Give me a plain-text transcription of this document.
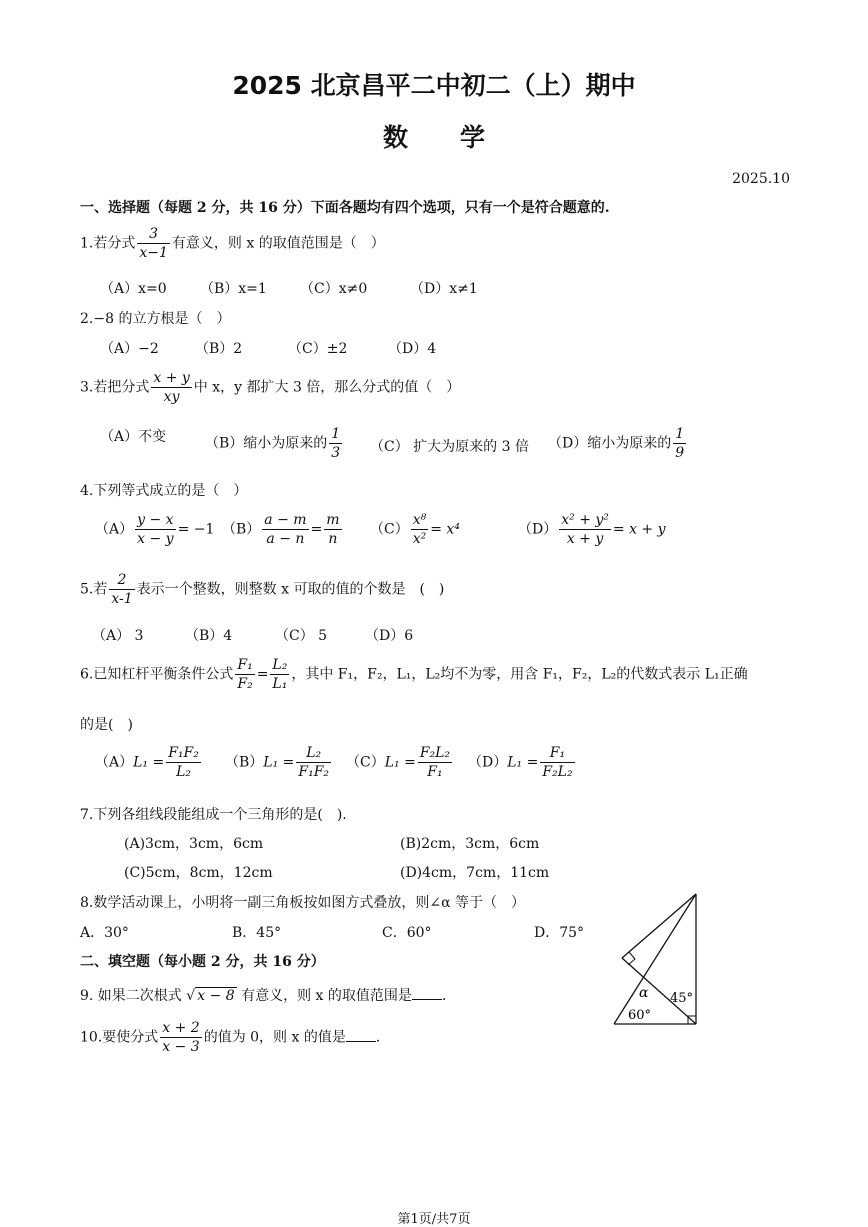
2025 北京昌平二中初二（上）期中
数学
2025.10
一、选择题（每题 2 分，共 16 分）下面各题均有四个选项，只有一个是符合题意的.
1.若分式 $\frac{3}{x-1}$ 有意义，则 x 的取值范围是（　）
（A）x=0 （B）x=1 （C）x≠0	（D）x≠1
2.−8 的立方根是（　）
（A）−2	（B）2	（C）±2	（D）4
3.若把分式 $\frac{x + y}{xy}$ 中 x，y 都扩大 3 倍，那么分式的值（　）
（A）不变	（B）缩小为原来的 $\frac{1}{3} (C)$ 扩大为原来的 3 倍 （D）缩小为原来的 $\frac{1}{9}$
4.下列等式成立的是（　）
$(A) \frac{y - x}{x - y} = -1$ $(B) \frac{a - m}{a - n} = \frac{m}{n} (C) \frac{\text{x⁸}}{\text{x²}} = x^4$	$(D) \frac{\text{x² + y²}}{x + y} = x + y$
5.若 $\frac{2}{x-1}$ 表示一个整数，则整数 x 可取的值的个数是　(　)
（A） 3	（B）4	（C） 5	（D）6
6.已知杠杆平衡条件公式 $\frac{\text{F₁}}{\text{F₂}} = \frac{\text{L₂}}{\text{L₁}}$ ，其中 F₁，F₂，L₁，L₂均不为零，用含 F₁，F₂，L₂的代数式表示 L₁正确
的是(　)
$(A)L_1 = \frac{\text{F₁F₂}}{\text{L₂}} (B)L_1 = \frac{\text{L₂}}{\text{F₁F₂}} (C)L_1 = \frac{\text{F₂L₂}}{\text{F₁}} (D)L_1 = \frac{\text{F₁}}{\text{F₂L₂}}$
7.下列各组线段能组成一个三角形的是(　).
(A)3cm，3cm，6cm	(B)2cm，3cm，6cm
(C)5cm，8cm，12cm	(D)4cm，7cm，11cm
8.数学活动课上，小明将一副三角板按如图方式叠放，则∠α 等于（　）
A．30°	B．45°	C．60°	D．75°
α 45°
60°
二、填空题（每小题 2 分，共 16 分）
9. 如果二次根式 √ x − 8 有意义，则 x 的取值范围是 .
10.要使分式 $\frac{x + 2}{x - 3}$ 的值为 0，则 x 的值是 .
第1页/共7页
